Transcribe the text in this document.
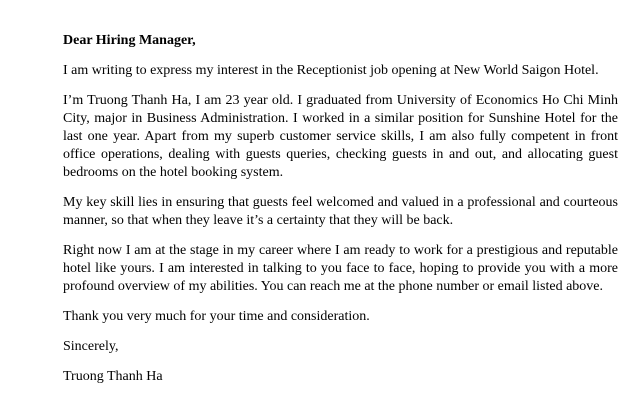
Dear Hiring Manager,
I am writing to express my interest in the Receptionist job opening at New World Saigon Hotel.
I’m Truong Thanh Ha, I am 23 year old. I graduated from University of Economics Ho Chi Minh City, major in Business Administration. I worked in a similar position for Sunshine Hotel for the last one year. Apart from my superb customer service skills, I am also fully competent in front office operations, dealing with guests queries, checking guests in and out, and allocating guest bedrooms on the hotel booking system.
My key skill lies in ensuring that guests feel welcomed and valued in a professional and courteous manner, so that when they leave it’s a certainty that they will be back.
Right now I am at the stage in my career where I am ready to work for a prestigious and reputable hotel like yours. I am interested in talking to you face to face, hoping to provide you with a more profound overview of my abilities. You can reach me at the phone number or email listed above.
Thank you very much for your time and consideration.
Sincerely,
Truong Thanh Ha
